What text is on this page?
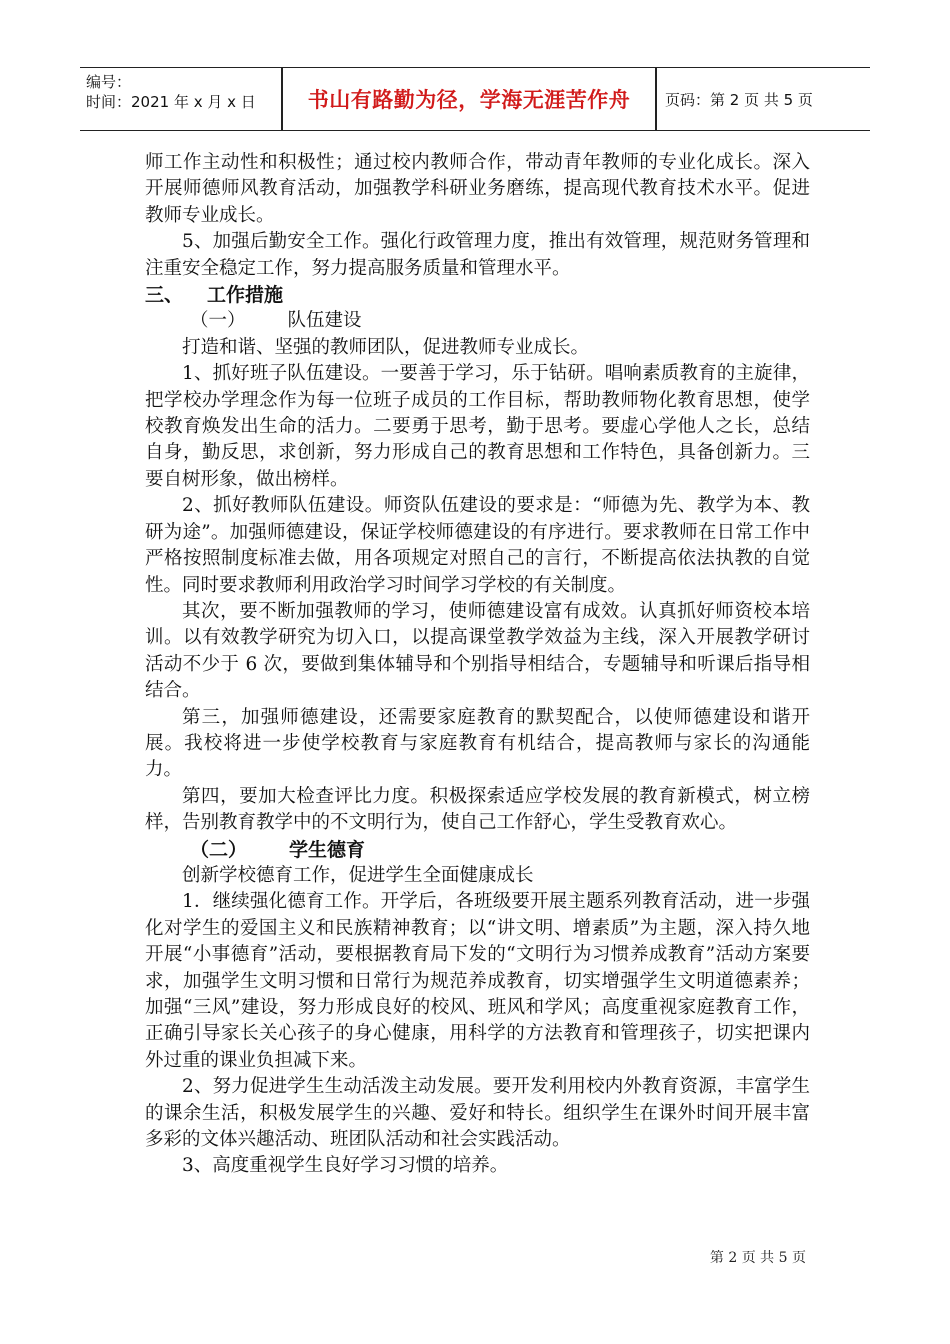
编号：
时间：2021 年 x 月 x 日	书山有路勤为径，学海无涯苦作舟	页码：第 2 页 共 5 页

师工作主动性和积极性；通过校内教师合作，带动青年教师的专业化成长。深入开展师德师风教育活动，加强教学科研业务磨练，提高现代教育技术水平。促进教师专业成长。

5、加强后勤安全工作。强化行政管理力度，推出有效管理，规范财务管理和注重安全稳定工作，努力提高服务质量和管理水平。

三、 工作措施

（一） 队伍建设

打造和谐、坚强的教师团队，促进教师专业成长。

1、抓好班子队伍建设。一要善于学习，乐于钻研。唱响素质教育的主旋律，把学校办学理念作为每一位班子成员的工作目标，帮助教师物化教育思想，使学校教育焕发出生命的活力。二要勇于思考，勤于思考。要虚心学他人之长，总结自身，勤反思，求创新，努力形成自己的教育思想和工作特色，具备创新力。三要自树形象，做出榜样。

2、抓好教师队伍建设。师资队伍建设的要求是：“师德为先、教学为本、教研为途”。加强师德建设，保证学校师德建设的有序进行。要求教师在日常工作中严格按照制度标准去做，用各项规定对照自己的言行，不断提高依法执教的自觉性。同时要求教师利用政治学习时间学习学校的有关制度。

其次，要不断加强教师的学习，使师德建设富有成效。认真抓好师资校本培训。以有效教学研究为切入口，以提高课堂教学效益为主线，深入开展教学研讨活动不少于 6 次，要做到集体辅导和个别指导相结合，专题辅导和听课后指导相结合。

第三，加强师德建设，还需要家庭教育的默契配合，以使师德建设和谐开展。我校将进一步使学校教育与家庭教育有机结合，提高教师与家长的沟通能力。

第四，要加大检查评比力度。积极探索适应学校发展的教育新模式，树立榜样，告别教育教学中的不文明行为，使自己工作舒心，学生受教育欢心。

（二） 学生德育

创新学校德育工作，促进学生全面健康成长

1．继续强化德育工作。开学后，各班级要开展主题系列教育活动，进一步强化对学生的爱国主义和民族精神教育；以“讲文明、增素质”为主题，深入持久地开展“小事德育”活动，要根据教育局下发的“文明行为习惯养成教育”活动方案要求，加强学生文明习惯和日常行为规范养成教育，切实增强学生文明道德素养；加强“三风”建设，努力形成良好的校风、班风和学风；高度重视家庭教育工作，正确引导家长关心孩子的身心健康，用科学的方法教育和管理孩子，切实把课内外过重的课业负担减下来。

2、努力促进学生生动活泼主动发展。要开发利用校内外教育资源，丰富学生的课余生活，积极发展学生的兴趣、爱好和特长。组织学生在课外时间开展丰富多彩的文体兴趣活动、班团队活动和社会实践活动。

3、高度重视学生良好学习习惯的培养。

第 2 页 共 5 页
